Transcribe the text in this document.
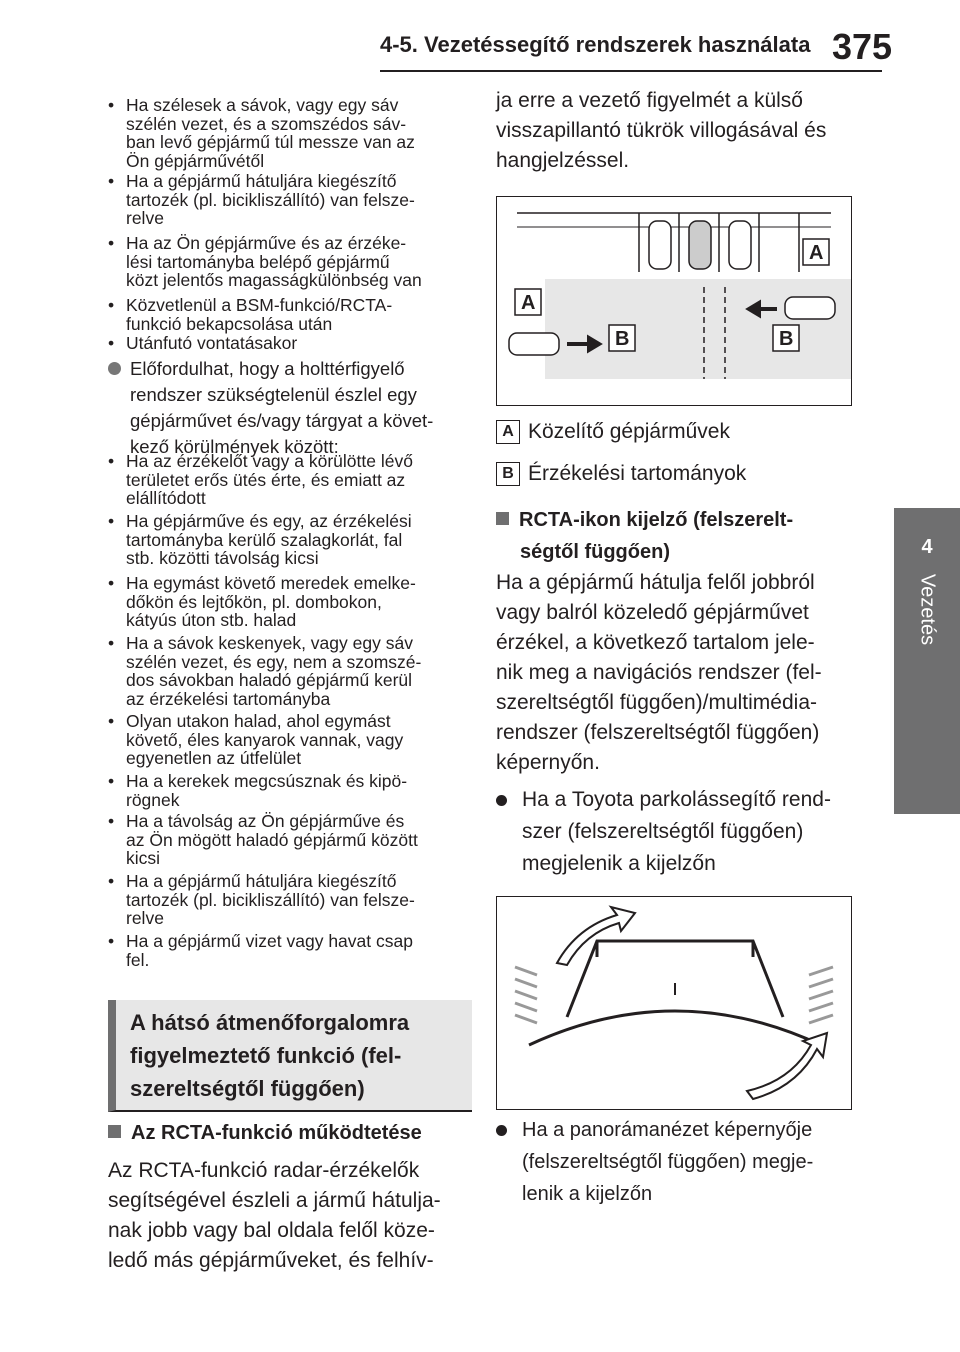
4-5. Vezetéssegítő rendszerek használata 375
4
Vezetés
• Ha szélesek a sávok, vagy egy sáv
szélén vezet, és a szomszédos sáv-
ban levő gépjármű túl messze van az
Ön gépjárművétől
• Ha a gépjármű hátuljára kiegészítő
tartozék (pl. bicikliszállító) van felsze-
relve
• Ha az Ön gépjárműve és az érzéke-
lési tartományba belépő gépjármű
közt jelentős magasságkülönbség van
• Közvetlenül a BSM-funkció/RCTA-
funkció bekapcsolása után
• Utánfutó vontatásakor
Előfordulhat, hogy a holttérfigyelő
rendszer szükségtelenül észlel egy
gépjárművet és/vagy tárgyat a követ-
kező körülmények között:
• Ha az érzékelőt vagy a körülötte lévő
területet erős ütés érte, és emiatt az
elállítódott
• Ha gépjárműve és egy, az érzékelési
tartományba kerülő szalagkorlát, fal
stb. közötti távolság kicsi
• Ha egymást követő meredek emelke-
dőkön és lejtőkön, pl. dombokon,
kátyús úton stb. halad
• Ha a sávok keskenyek, vagy egy sáv
szélén vezet, és egy, nem a szomszé-
dos sávokban haladó gépjármű kerül
az érzékelési tartományba
• Olyan utakon halad, ahol egymást
követő, éles kanyarok vannak, vagy
egyenetlen az útfelület
• Ha a kerekek megcsúsznak és kipö-
rögnek
• Ha a távolság az Ön gépjárműve és
az Ön mögött haladó gépjármű között
kicsi
• Ha a gépjármű hátuljára kiegészítő
tartozék (pl. bicikliszállító) van felsze-
relve
• Ha a gépjármű vizet vagy havat csap
fel.
A hátsó átmenőforgalomra
figyelmeztető funkció (fel-
szereltségtől függően)
Az RCTA-funkció működtetése
Az RCTA-funkció radar-érzékelők
segítségével észleli a jármű hátulja-
nak jobb vagy bal oldala felől köze-
ledő más gépjárműveket, és felhív-
ja erre a vezető figyelmét a külső
visszapillantó tükrök villogásával és
hangjelzéssel.
A
A
B	B
A Közelítő gépjárművek
B Érzékelési tartományok
RCTA-ikon kijelző (felszerelt-
ségtől függően)
Ha a gépjármű hátulja felől jobbról
vagy balról közeledő gépjárművet
érzékel, a következő tartalom jele-
nik meg a navigációs rendszer (fel-
szereltségtől függően)/multimédia-
rendszer (felszereltségtől függően)
képernyőn.
Ha a Toyota parkolássegítő rend-
szer (felszereltségtől függően)
megjelenik a kijelzőn
Ha a panorámanézet képernyője
(felszereltségtől függően) megje-
lenik a kijelzőn
